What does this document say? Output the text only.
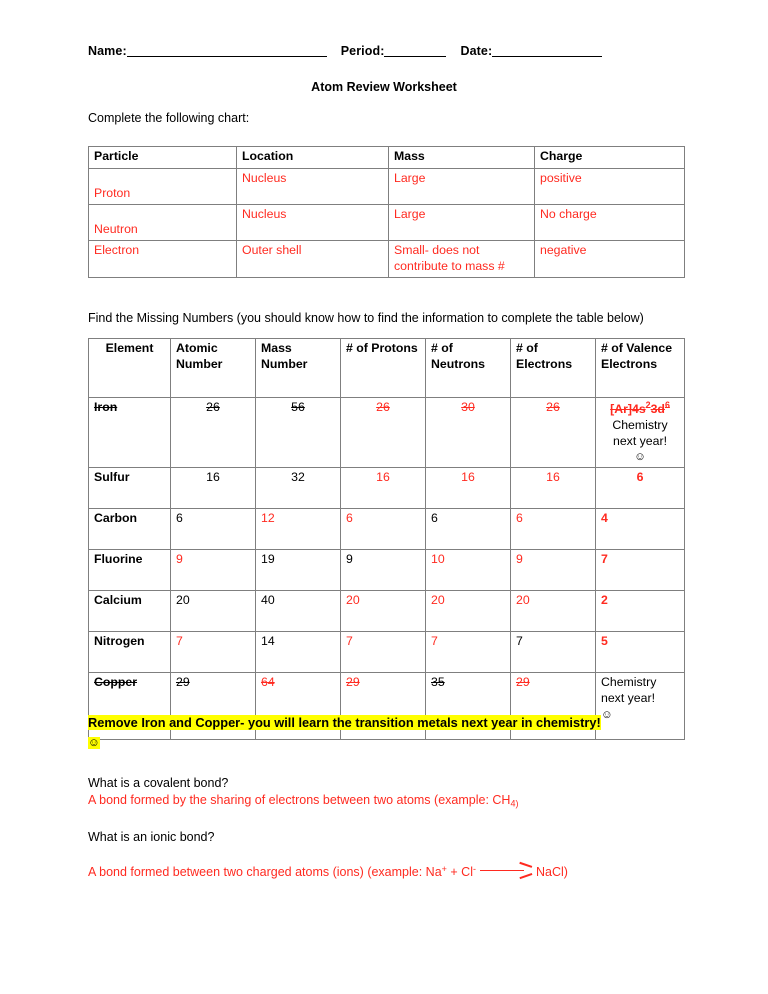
Name:	Period:	Date:
Atom Review Worksheet
Complete the following chart:
Particle	Location	Mass	Charge
Proton	Nucleus	Large	positive
Neutron	Nucleus	Large	No charge
Electron	Outer shell	Small- does not contribute to mass #	negative
Find the Missing Numbers (you should know how to find the information to complete the table below)
Element	Atomic Number	Mass Number	# of Protons	# of Neutrons	# of Electrons	# of Valence Electrons
Iron	26	56	26	30	26	$[Ar]4s^23d^6$
Chemistry
next year!
☺

Sulfur	16	32	16	16	16	6
Carbon	6	12	6	6	6	4
Fluorine	9	19	9	10	9	7
Calcium	20	40	20	20	20	2
Nitrogen	7	14	7	7	7	5
Copper	29	64	29	35	29	Chemistry
next year!
☺
Remove Iron and Copper- you will learn the transition metals next year in chemistry!
☺
What is a covalent bond?
A bond formed by the sharing of electrons between two atoms (example: $CH_{4)}$
What is an ionic bond?
A bond formed between two charged atoms (ions) (example: Na+ + Cl-	NaCl)
